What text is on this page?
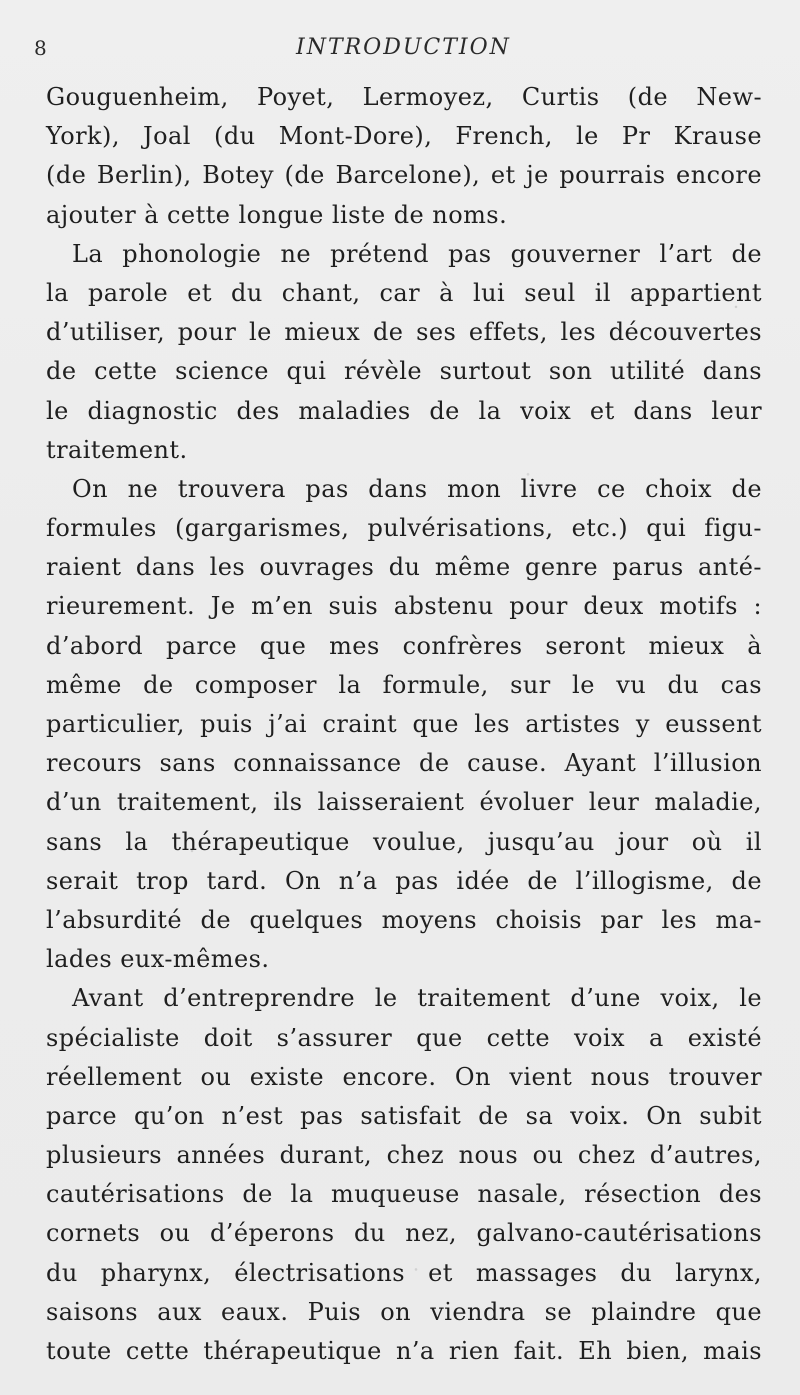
8	INTRODUCTION
Gouguenheim, Poyet, Lermoyez, Curtis (de New-
York), Joal (du Mont-Dore), French, le Pr Krause
(de Berlin), Botey (de Barcelone), et je pourrais encore
ajouter à cette longue liste de noms.
La phonologie ne prétend pas gouverner l’art de
la parole et du chant, car à lui seul il appartient
d’utiliser, pour le mieux de ses effets, les découvertes
de cette science qui révèle surtout son utilité dans
le diagnostic des maladies de la voix et dans leur
traitement.
On ne trouvera pas dans mon livre ce choix de
formules (gargarismes, pulvérisations, etc.) qui figu-
raient dans les ouvrages du même genre parus anté-
rieurement. Je m’en suis abstenu pour deux motifs :
d’abord parce que mes confrères seront mieux à
même de composer la formule, sur le vu du cas
particulier, puis j’ai craint que les artistes y eussent
recours sans connaissance de cause. Ayant l’illusion
d’un traitement, ils laisseraient évoluer leur maladie,
sans la thérapeutique voulue, jusqu’au jour où il
serait trop tard. On n’a pas idée de l’illogisme, de
l’absurdité de quelques moyens choisis par les ma-
lades eux-mêmes.
Avant d’entreprendre le traitement d’une voix, le
spécialiste doit s’assurer que cette voix a existé
réellement ou existe encore. On vient nous trouver
parce qu’on n’est pas satisfait de sa voix. On subit
plusieurs années durant, chez nous ou chez d’autres,
cautérisations de la muqueuse nasale, résection des
cornets ou d’éperons du nez, galvano-cautérisations
du pharynx, électrisations et massages du larynx,
saisons aux eaux. Puis on viendra se plaindre que
toute cette thérapeutique n’a rien fait. Eh bien, mais
